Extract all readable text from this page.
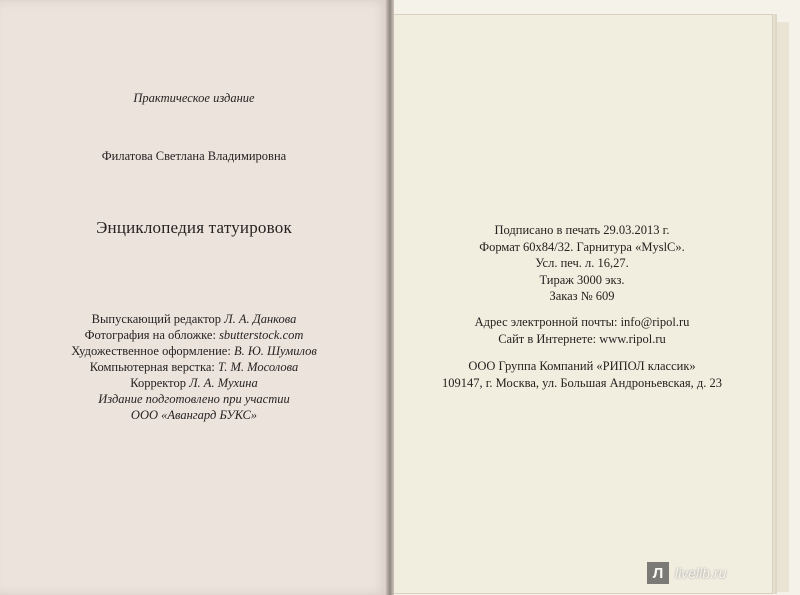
Практическое издание
Филатова Светлана Владимировна
Энциклопедия татуировок
Выпускающий редактор Л. А. Данкова
Фотография на обложке: sbutterstock.com
Художественное оформление: В. Ю. Шумилов
Компьютерная верстка: Т. М. Мосолова
Корректор Л. А. Мухина
Издание подготовлено при участии
ООО «Авангард БУКС»
Подписано в печать 29.03.2013 г.
Формат 60x84/32. Гарнитура «MyslC».
Усл. печ. л. 16,27.
Тираж 3000 экз.
Заказ № 609
Адрес электронной почты: info@ripol.ru
Сайт в Интернете: www.ripol.ru
ООО Группа Компаний «РИПОЛ классик»
109147, г. Москва, ул. Большая Андроньевская, д. 23
Л livelib.ru
